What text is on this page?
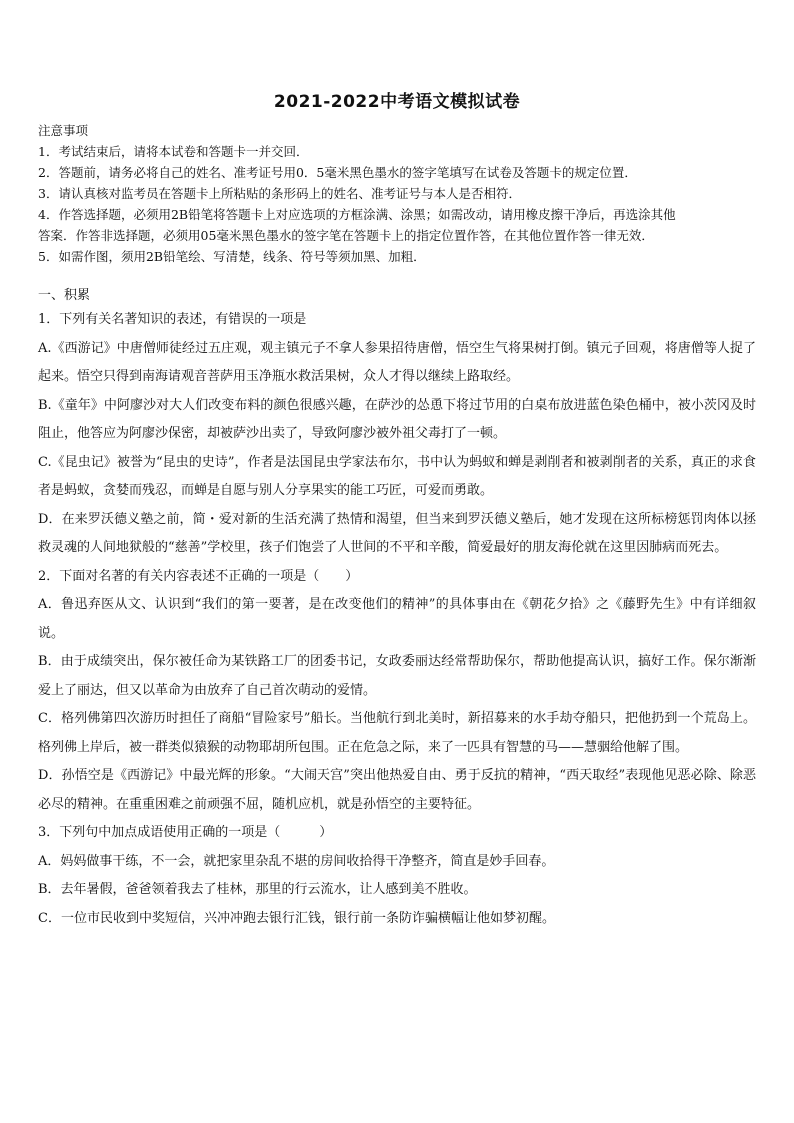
2021-2022中考语文模拟试卷
注意事项
1．考试结束后，请将本试卷和答题卡一并交回．
2．答题前，请务必将自己的姓名、准考证号用0．5毫米黑色墨水的签字笔填写在试卷及答题卡的规定位置．
3．请认真核对监考员在答题卡上所粘贴的条形码上的姓名、准考证号与本人是否相符．
4．作答选择题，必须用2B铅笔将答题卡上对应选项的方框涂满、涂黑；如需改动，请用橡皮擦干净后，再选涂其他
答案．作答非选择题，必须用05毫米黑色墨水的签字笔在答题卡上的指定位置作答，在其他位置作答一律无效．
5．如需作图，须用2B铅笔绘、写清楚，线条、符号等须加黑、加粗．
一、积累
1．下列有关名著知识的表述，有错误的一项是
A.《西游记》中唐僧师徒经过五庄观，观主镇元子不拿人参果招待唐僧，悟空生气将果树打倒。镇元子回观，将唐僧等人捉了起来。悟空只得到南海请观音菩萨用玉净瓶水救活果树，众人才得以继续上路取经。
B.《童年》中阿廖沙对大人们改变布料的颜色很感兴趣，在萨沙的怂恿下将过节用的白桌布放进蓝色染色桶中，被小茨冈及时阻止，他答应为阿廖沙保密，却被萨沙出卖了，导致阿廖沙被外祖父毒打了一顿。
C.《昆虫记》被誉为“昆虫的史诗”，作者是法国昆虫学家法布尔，书中认为蚂蚁和蝉是剥削者和被剥削者的关系，真正的求食者是蚂蚁，贪婪而残忍，而蝉是自愿与别人分享果实的能工巧匠，可爱而勇敢。
D．在来罗沃德义塾之前，简・爱对新的生活充满了热情和渴望，但当来到罗沃德义塾后，她才发现在这所标榜惩罚肉体以拯救灵魂的人间地狱般的“慈善”学校里，孩子们饱尝了人世间的不平和辛酸，简爱最好的朋友海伦就在这里因肺病而死去。
2．下面对名著的有关内容表述不正确的一项是（　　）
A．鲁迅弃医从文、认识到“我们的第一要著，是在改变他们的精神”的具体事由在《朝花夕拾》之《藤野先生》中有详细叙说。
B．由于成绩突出，保尔被任命为某铁路工厂的团委书记，女政委丽达经常帮助保尔，帮助他提高认识，搞好工作。保尔渐渐爱上了丽达，但又以革命为由放弃了自己首次萌动的爱情。
C．格列佛第四次游历时担任了商船“冒险家号”船长。当他航行到北美时，新招募来的水手劫夺船只，把他扔到一个荒岛上。格列佛上岸后，被一群类似猿猴的动物耶胡所包围。正在危急之际，来了一匹具有智慧的马——慧骃给他解了围。
D．孙悟空是《西游记》中最光辉的形象。“大闹天宫”突出他热爱自由、勇于反抗的精神，“西天取经”表现他见恶必除、除恶必尽的精神。在重重困难之前顽强不屈，随机应机，就是孙悟空的主要特征。
3．下列句中加点成语使用正确的一项是（　　　）
A．妈妈做事干练，不一会，就把家里杂乱不堪的房间收拾得干净整齐，简直是妙手回春。
B．去年暑假，爸爸领着我去了桂林，那里的行云流水，让人感到美不胜收。
C．一位市民收到中奖短信，兴冲冲跑去银行汇钱，银行前一条防诈骗横幅让他如梦初醒。
